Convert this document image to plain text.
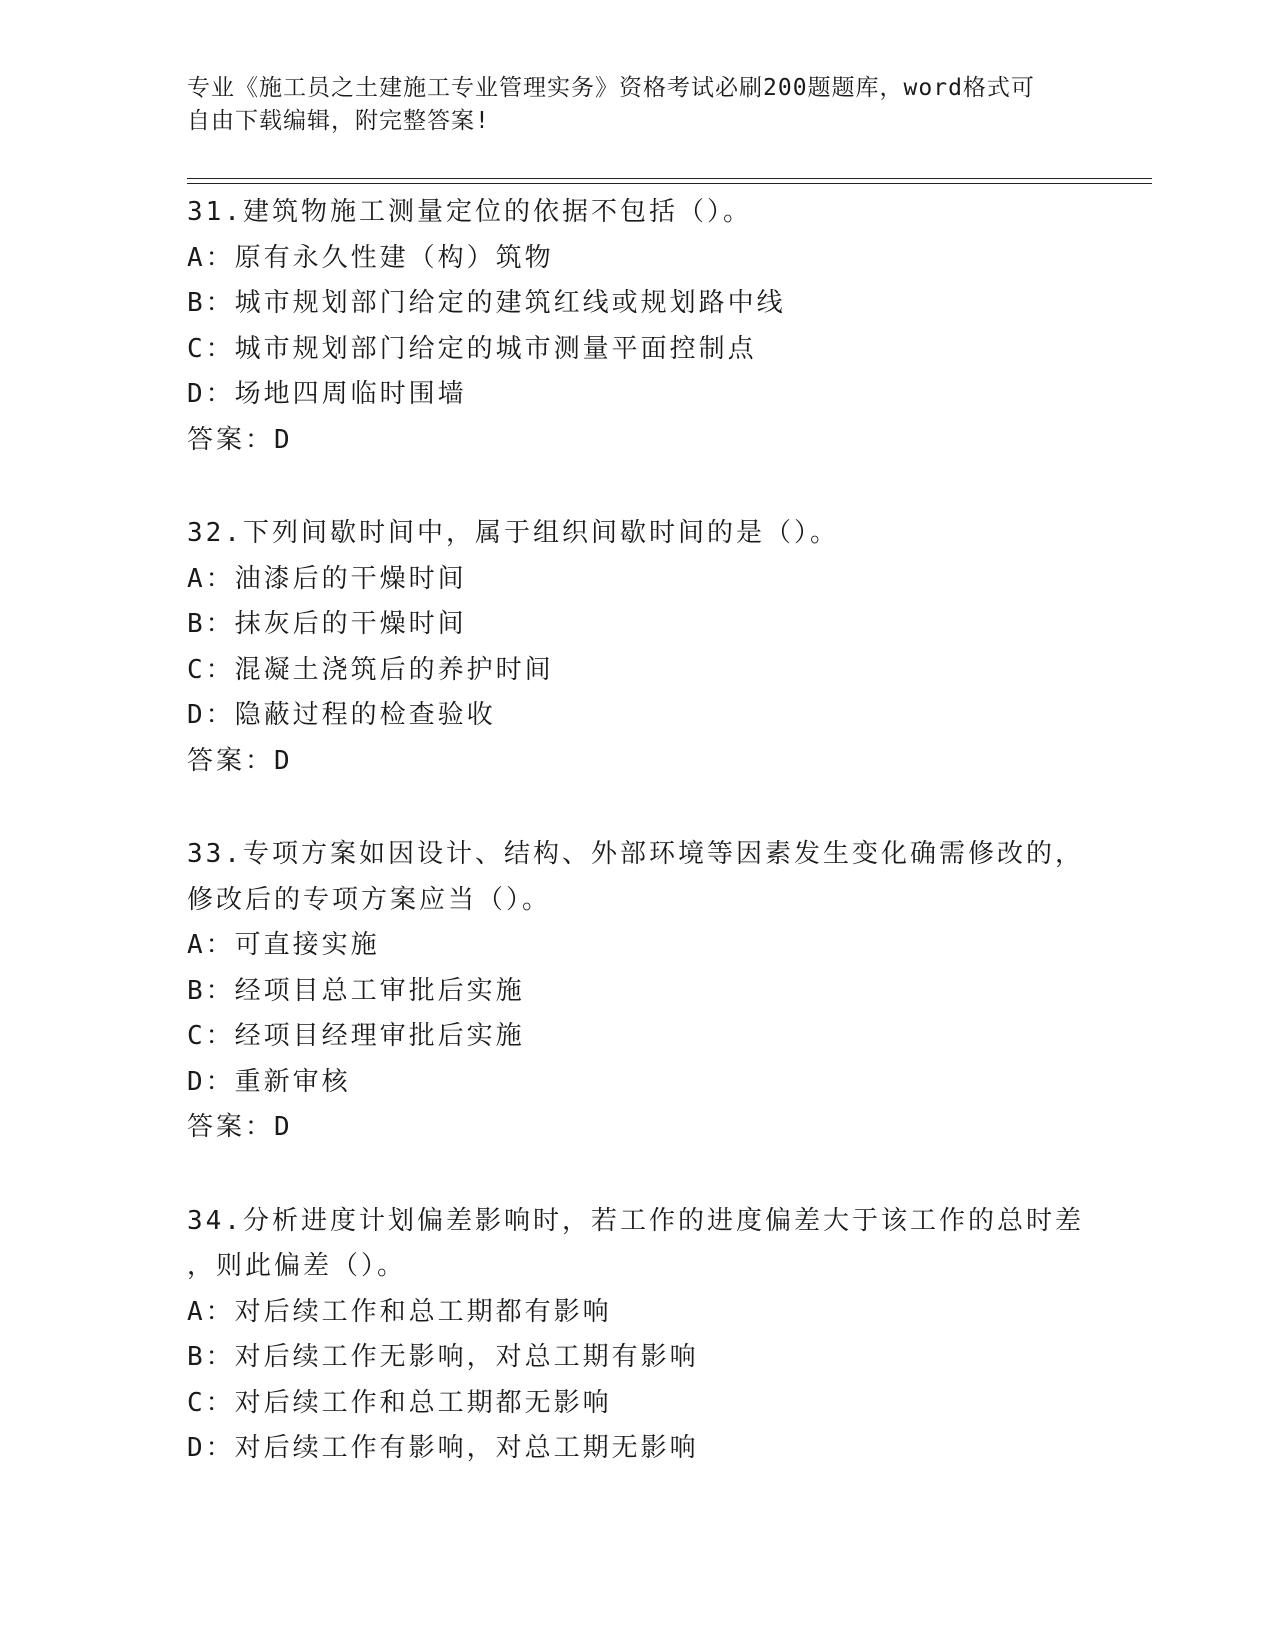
专业《施工员之土建施工专业管理实务》资格考试必刷200题题库，word格式可
自由下载编辑，附完整答案!
31.建筑物施工测量定位的依据不包括（）。
A：原有永久性建（构）筑物
B：城市规划部门给定的建筑红线或规划路中线
C：城市规划部门给定的城市测量平面控制点
D：场地四周临时围墙
答案：D
32.下列间歇时间中，属于组织间歇时间的是（）。
A：油漆后的干燥时间
B：抹灰后的干燥时间
C：混凝土浇筑后的养护时间
D：隐蔽过程的检查验收
答案：D
33.专项方案如因设计、结构、外部环境等因素发生变化确需修改的，
修改后的专项方案应当（）。
A：可直接实施
B：经项目总工审批后实施
C：经项目经理审批后实施
D：重新审核
答案：D
34.分析进度计划偏差影响时，若工作的进度偏差大于该工作的总时差
，则此偏差（）。
A：对后续工作和总工期都有影响
B：对后续工作无影响，对总工期有影响
C：对后续工作和总工期都无影响
D：对后续工作有影响，对总工期无影响
